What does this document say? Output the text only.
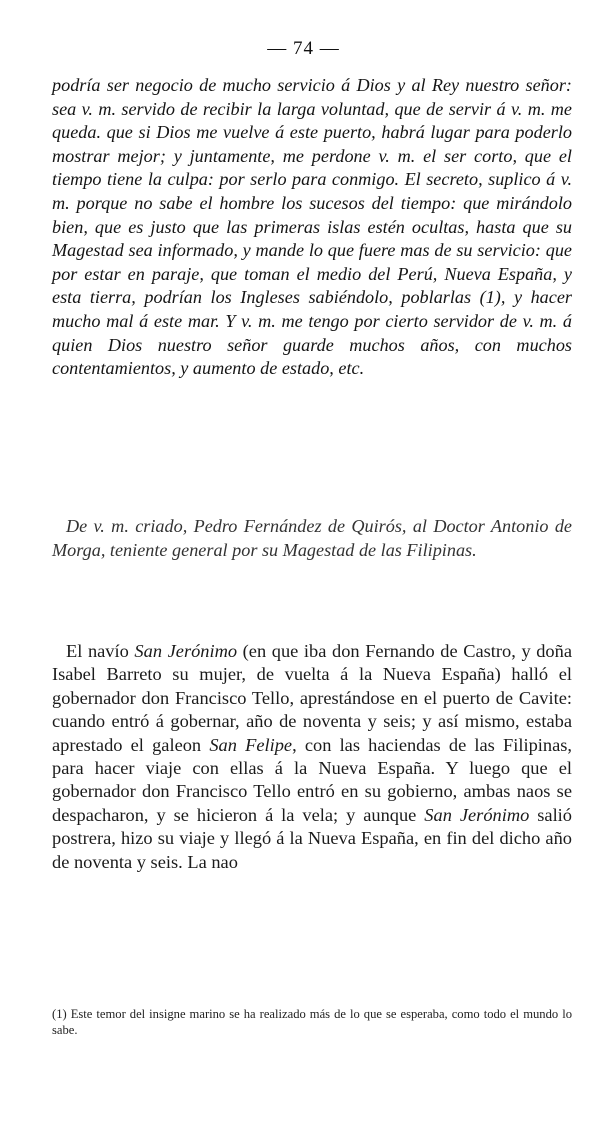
— 74 —

podría ser negocio de mucho servicio á Dios y al Rey nuestro señor: sea v. m. servido de recibir la larga voluntad, que de servir á v. m. me queda. que si Dios me vuelve á este puerto, habrá lugar para poderlo mostrar mejor; y juntamente, me perdone v. m. el ser corto, que el tiempo tiene la culpa: por serlo para conmigo. El secreto, suplico á v. m. porque no sabe el hombre los sucesos del tiempo: que mirándolo bien, que es justo que las primeras islas estén ocultas, hasta que su Magestad sea informado, y mande lo que fuere mas de su servicio: que por estar en paraje, que toman el medio del Perú, Nueva España, y esta tierra, podrían los Ingleses sabiéndolo, poblarlas (1), y hacer mucho mal á este mar. Y v. m. me tengo por cierto servidor de v. m. á quien Dios nuestro señor guarde muchos años, con muchos contentamientos, y aumento de estado, etc.

De v. m. criado, Pedro Fernández de Quirós, al Doctor Antonio de Morga, teniente general por su Magestad de las Filipinas.

El navío San Jerónimo (en que iba don Fernando de Castro, y doña Isabel Barreto su mujer, de vuelta á la Nueva España) halló el gobernador don Francisco Tello, aprestándose en el puerto de Cavite: cuando entró á gobernar, año de noventa y seis; y así mismo, estaba aprestado el galeon San Felipe, con las haciendas de las Filipinas, para hacer viaje con ellas á la Nueva España. Y luego que el gobernador don Francisco Tello entró en su gobierno, ambas naos se despacharon, y se hicieron á la vela; y aunque San Jerónimo salió postrera, hizo su viaje y llegó á la Nueva España, en fin del dicho año de noventa y seis. La nao

(1) Este temor del insigne marino se ha realizado más de lo que se esperaba, como todo el mundo lo sabe.
